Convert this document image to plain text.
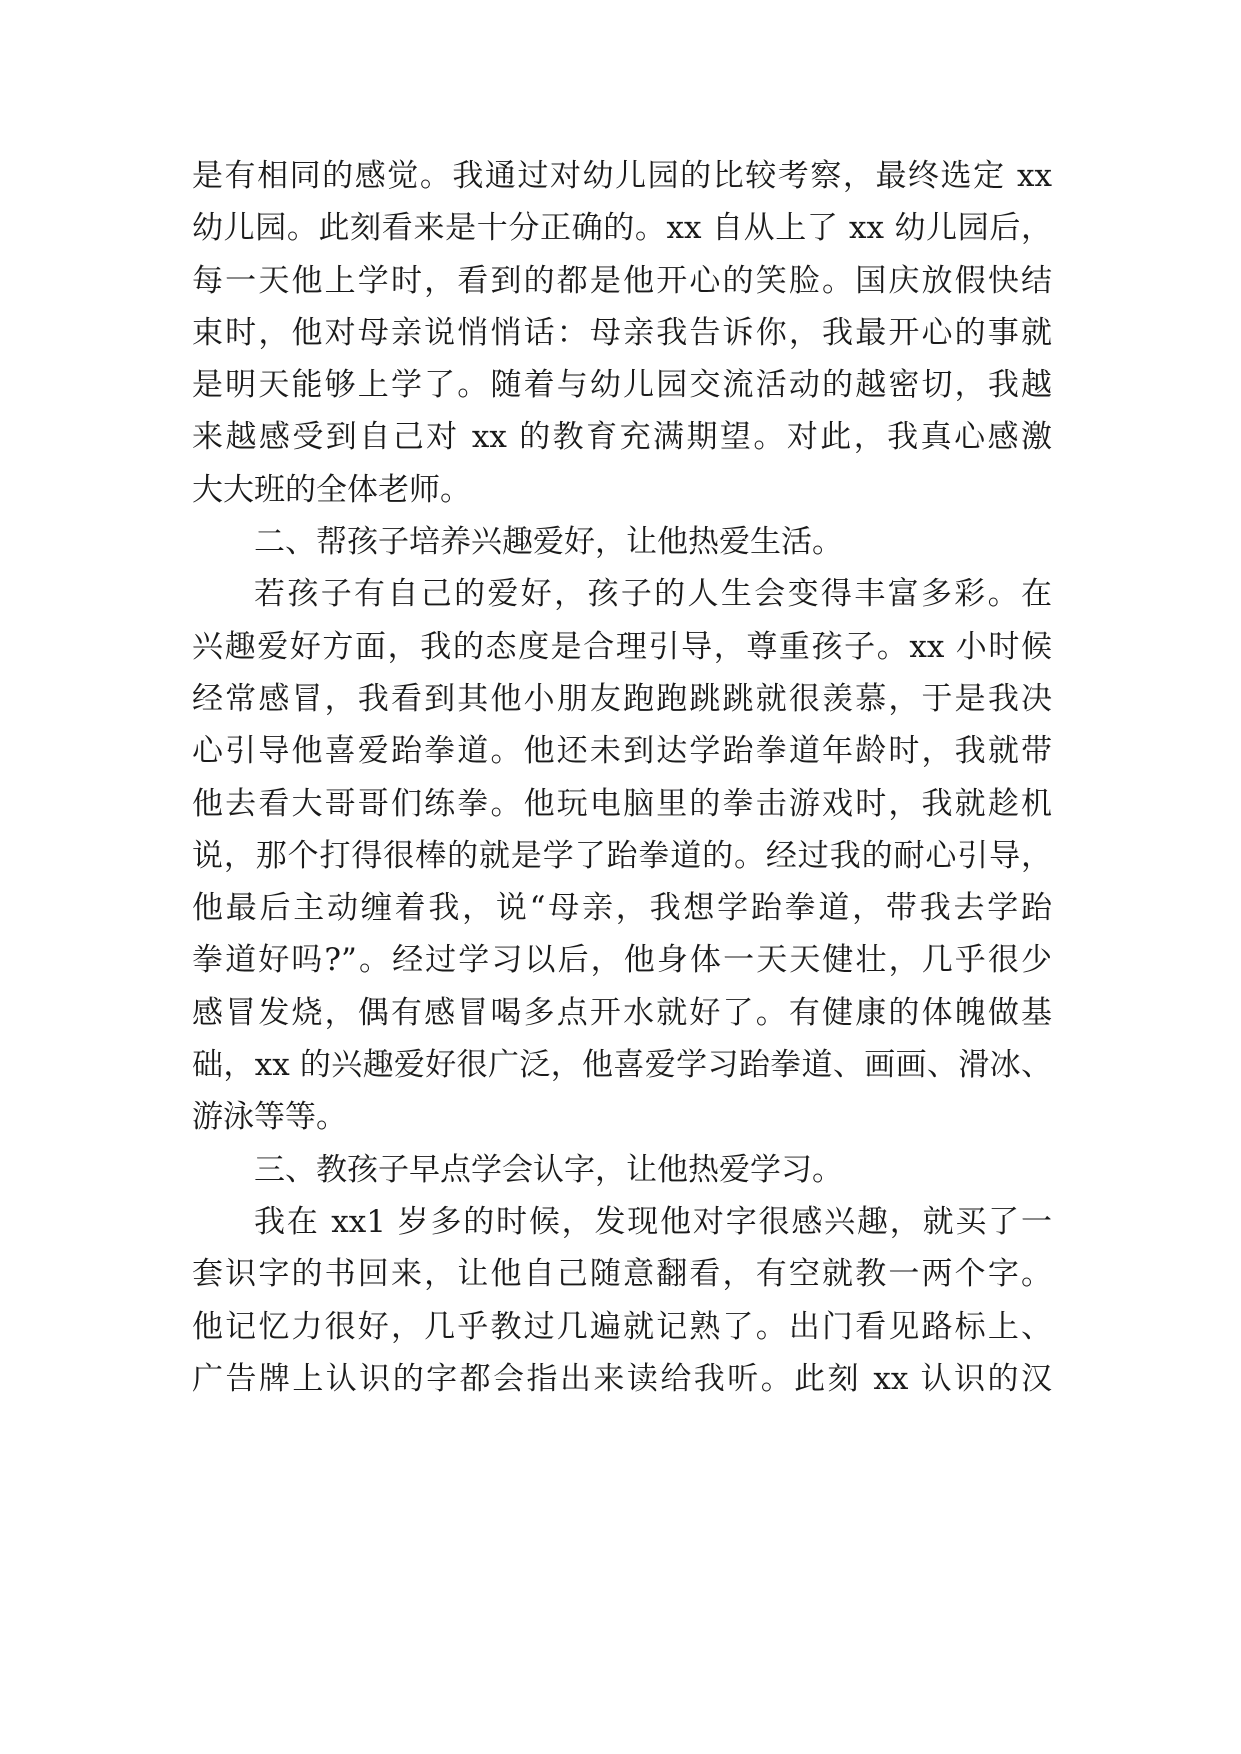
是有相同的感觉。我通过对幼儿园的比较考察，最终选定 xx
幼儿园。此刻看来是十分正确的。xx 自从上了 xx 幼儿园后，
每一天他上学时，看到的都是他开心的笑脸。国庆放假快结
束时，他对母亲说悄悄话：母亲我告诉你，我最开心的事就
是明天能够上学了。随着与幼儿园交流活动的越密切，我越
来越感受到自己对 xx 的教育充满期望。对此，我真心感激
大大班的全体老师。
二、帮孩子培养兴趣爱好，让他热爱生活。
若孩子有自己的爱好，孩子的人生会变得丰富多彩。在
兴趣爱好方面，我的态度是合理引导，尊重孩子。xx 小时候
经常感冒，我看到其他小朋友跑跑跳跳就很羡慕，于是我决
心引导他喜爱跆拳道。他还未到达学跆拳道年龄时，我就带
他去看大哥哥们练拳。他玩电脑里的拳击游戏时，我就趁机
说，那个打得很棒的就是学了跆拳道的。经过我的耐心引导，
他最后主动缠着我，说“母亲，我想学跆拳道，带我去学跆
拳道好吗?”。经过学习以后，他身体一天天健壮，几乎很少
感冒发烧，偶有感冒喝多点开水就好了。有健康的体魄做基
础，xx 的兴趣爱好很广泛，他喜爱学习跆拳道、画画、滑冰、
游泳等等。
三、教孩子早点学会认字，让他热爱学习。
我在 xx1 岁多的时候，发现他对字很感兴趣，就买了一
套识字的书回来，让他自己随意翻看，有空就教一两个字。
他记忆力很好，几乎教过几遍就记熟了。出门看见路标上、
广告牌上认识的字都会指出来读给我听。此刻 xx 认识的汉
